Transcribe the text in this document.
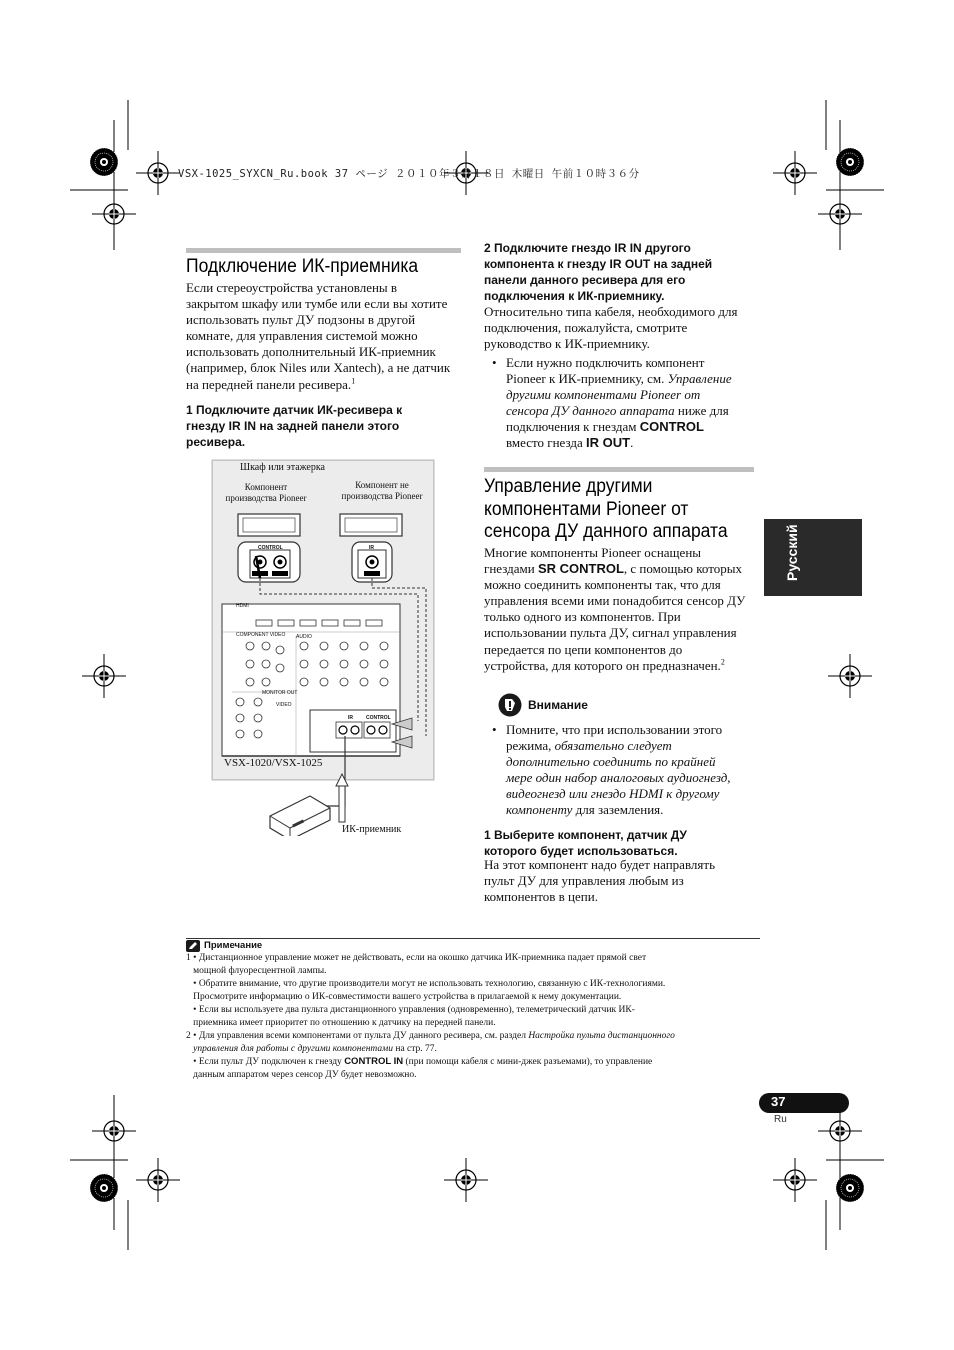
VSX-1025_SYXCN_Ru.book 37 ページ ２０１０年３月１８日 木曜日 午前１０時３６分
Подключение ИК-приемника
Если стереоустройства установлены в
закрытом шкафу или тумбе или если вы хотите
использовать пульт ДУ подзоны в другой
комнате, для управления системой можно
использовать дополнительный ИК-приемник
(например, блок Niles или Xantech), а не датчик
на передней панели ресивера.$^1$
1 Подключите датчик ИК-ресивера к
гнезду IR IN на задней панели этого
ресивера.
Шкаф или этажерка
Компонент
производства Pioneer
Компонент не
производства Pioneer
CONTROL	IR
HDMI
COMPONENT VIDEO AUDIO
MONITOR OUT
VIDEO
IR	CONTROL
VSX-1020/VSX-1025
ИК-приемник
2 Подключите гнездо IR IN другого
компонента к гнезду IR OUT на задней
панели данного ресивера для его
подключения к ИК-приемнику.
Относительно типа кабеля, необходимого для
подключения, пожалуйста, смотрите
руководство к ИК-приемнику.
• Если нужно подключить компонент
Pioneer к ИК-приемнику, см. Управление
другими компонентами Pioneer от
сенсора ДУ данного аппарата ниже для
подключения к гнездам CONTROL
вместо гнезда IR OUT.
Управление другими
компонентами Pioneer от
сенсора ДУ данного аппарата
Многие компоненты Pioneer оснащены
гнездами SR CONTROL, с помощью которых
можно соединить компоненты так, что для
управления всеми ими понадобится сенсор ДУ
только одного из компонентов. При
использовании пульта ДУ, сигнал управления
передается по цепи компонентов до
устройства, для которого он предназначен.$^2$
Внимание
• Помните, что при использовании этого
режима, обязательно следует
дополнительно соединить по крайней
мере один набор аналоговых аудиогнезд,
видеогнезд или гнездо HDMI к другому
компоненту для заземления.
1 Выберите компонент, датчик ДУ
которого будет использоваться.
На этот компонент надо будет направлять
пульт ДУ для управления любым из
компонентов в цепи.
Русский
Примечание
1 • Дистанционное управление может не действовать, если на окошко датчика ИК-приемника падает прямой свет
мощной флуоресцентной лампы.
• Обратите внимание, что другие производители могут не использовать технологию, связанную с ИК-технологиями.
Просмотрите информацию о ИК-совместимости вашего устройства в прилагаемой к нему документации.
• Если вы используете два пульта дистанционного управления (одновременно), телеметрический датчик ИК-
приемника имеет приоритет по отношению к датчику на передней панели.
2 • Для управления всеми компонентами от пульта ДУ данного ресивера, см. раздел Настройка пульта дистанционного
управления для работы с другими компонентами на стр. 77.
• Если пульт ДУ подключен к гнезду CONTROL IN (при помощи кабеля с мини-джек разъемами), то управление
данным аппаратом через сенсор ДУ будет невозможно.
37
Ru
